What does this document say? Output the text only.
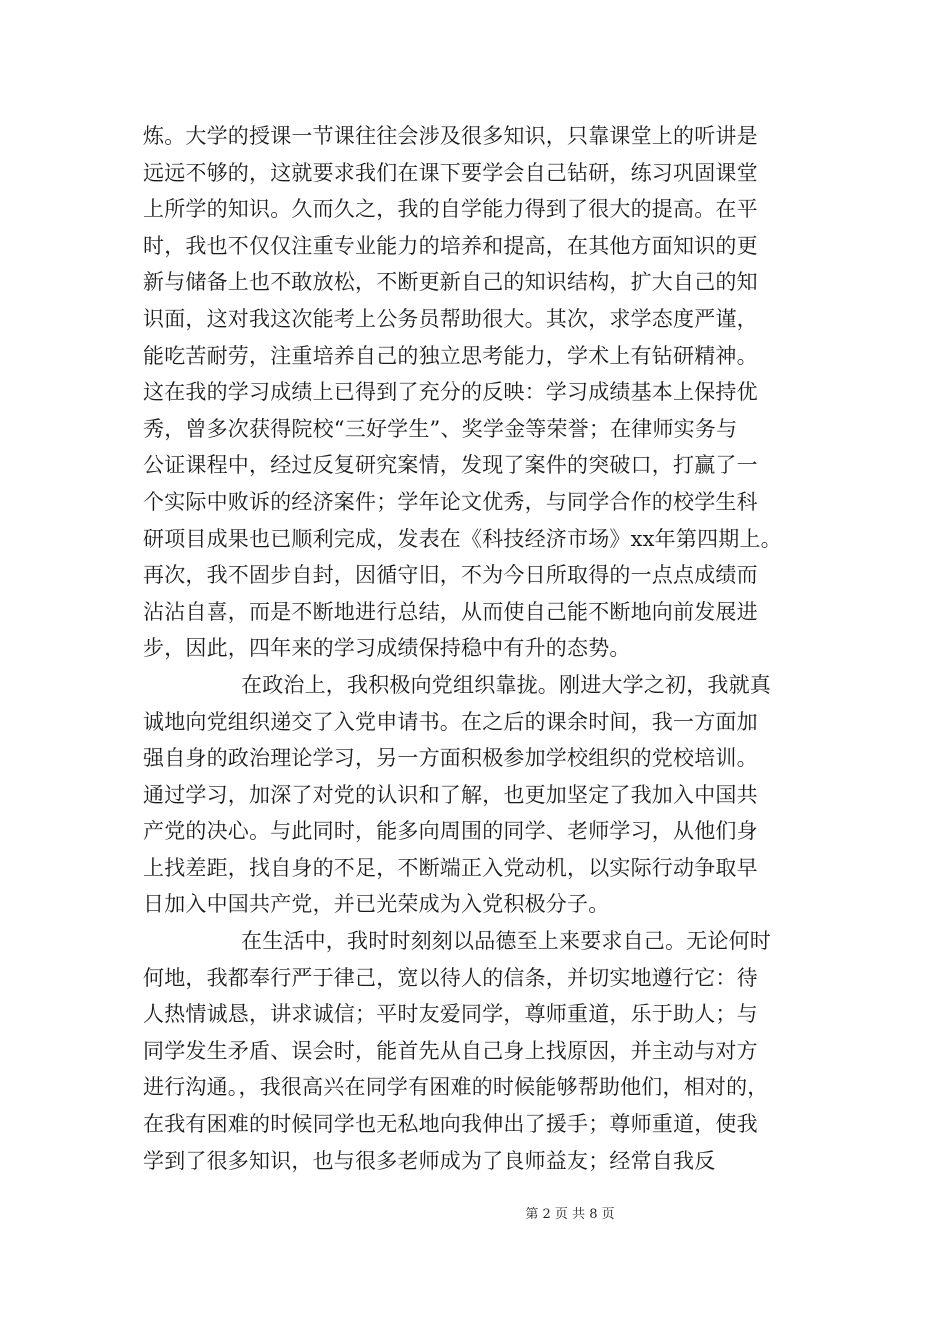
炼。大学的授课一节课往往会涉及很多知识，只靠课堂上的听讲是
远远不够的，这就要求我们在课下要学会自己钻研，练习巩固课堂
上所学的知识。久而久之，我的自学能力得到了很大的提高。在平
时，我也不仅仅注重专业能力的培养和提高，在其他方面知识的更
新与储备上也不敢放松，不断更新自己的知识结构，扩大自己的知
识面，这对我这次能考上公务员帮助很大。其次，求学态度严谨，
能吃苦耐劳，注重培养自己的独立思考能力，学术上有钻研精神。
这在我的学习成绩上已得到了充分的反映：学习成绩基本上保持优
秀，曾多次获得院校“三好学生”、奖学金等荣誉；在律师实务与
公证课程中，经过反复研究案情，发现了案件的突破口，打赢了一
个实际中败诉的经济案件；学年论文优秀，与同学合作的校学生科
研项目成果也已顺利完成，发表在《科技经济市场》xx年第四期上。
再次，我不固步自封，因循守旧，不为今日所取得的一点点成绩而
沾沾自喜，而是不断地进行总结，从而使自己能不断地向前发展进
步，因此，四年来的学习成绩保持稳中有升的态势。
在政治上，我积极向党组织靠拢。刚进大学之初，我就真
诚地向党组织递交了入党申请书。在之后的课余时间，我一方面加
强自身的政治理论学习，另一方面积极参加学校组织的党校培训。
通过学习，加深了对党的认识和了解，也更加坚定了我加入中国共
产党的决心。与此同时，能多向周围的同学、老师学习，从他们身
上找差距，找自身的不足，不断端正入党动机，以实际行动争取早
日加入中国共产党，并已光荣成为入党积极分子。
在生活中，我时时刻刻以品德至上来要求自己。无论何时
何地，我都奉行严于律己，宽以待人的信条，并切实地遵行它：待
人热情诚恳，讲求诚信；平时友爱同学，尊师重道，乐于助人；与
同学发生矛盾、误会时，能首先从自己身上找原因，并主动与对方
进行沟通。，我很高兴在同学有困难的时候能够帮助他们，相对的，
在我有困难的时候同学也无私地向我伸出了援手；尊师重道，使我
学到了很多知识，也与很多老师成为了良师益友；经常自我反
第 2 页 共 8 页
